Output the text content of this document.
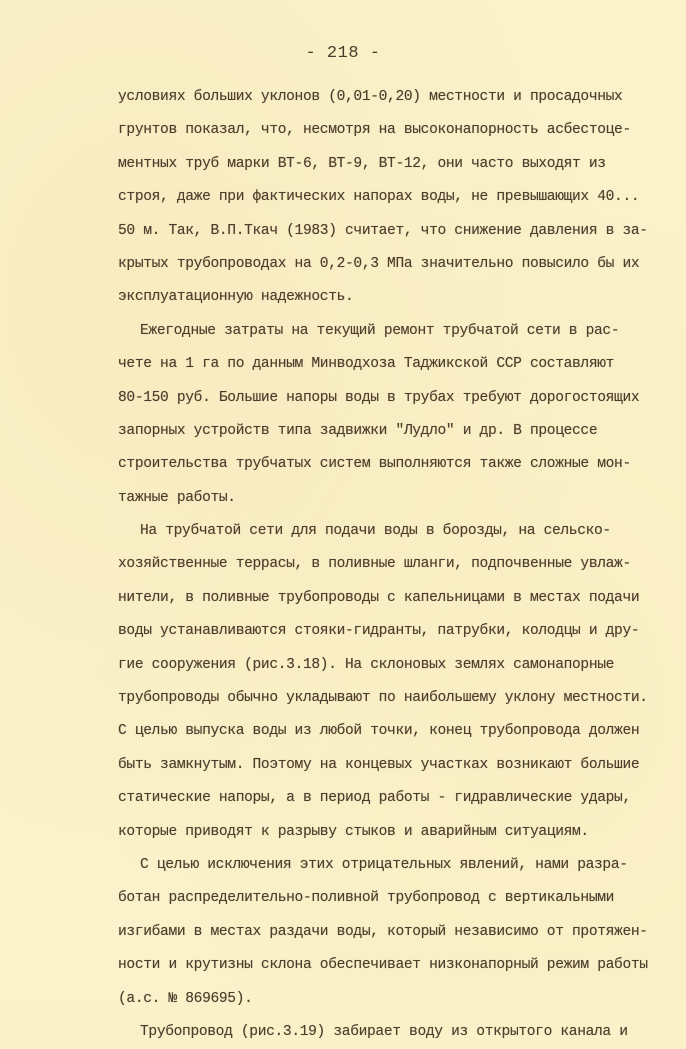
- 218 -
условиях больших уклонов (0,01-0,20) местности и просадочных
грунтов показал, что, несмотря на высоконапорность асбестоце-
ментных труб марки ВТ-6, ВТ-9, ВТ-12, они часто выходят из
строя, даже при фактических напорах воды, не превышающих 40...
50 м. Так, В.П.Ткач (1983) считает, что снижение давления в за-
крытых трубопроводах на 0,2-0,3 МПа значительно повысило бы их
эксплуатационную надежность.
Ежегодные затраты на текущий ремонт трубчатой сети в рас-
чете на 1 га по данным Минводхоза Таджикской ССР составляют
80-150 руб. Большие напоры воды в трубах требуют дорогостоящих
запорных устройств типа задвижки "Лудло" и др. В процессе
строительства трубчатых систем выполняются также сложные мон-
тажные работы.
На трубчатой сети для подачи воды в борозды, на сельско-
хозяйственные террасы, в поливные шланги, подпочвенные увлаж-
нители, в поливные трубопроводы с капельницами в местах подачи
воды устанавливаются стояки-гидранты, патрубки, колодцы и дру-
гие сооружения (рис.3.18). На склоновых землях самонапорные
трубопроводы обычно укладывают по наибольшему уклону местности.
С целью выпуска воды из любой точки, конец трубопровода должен
быть замкнутым. Поэтому на концевых участках возникают большие
статические напоры, а в период работы - гидравлические удары,
которые приводят к разрыву стыков и аварийным ситуациям.
С целью исключения этих отрицательных явлений, нами разра-
ботан распределительно-поливной трубопровод с вертикальными
изгибами в местах раздачи воды, который независимо от протяжен-
ности и крутизны склона обеспечивает низконапорный режим работы
(а.с. № 869695).
Трубопровод (рис.3.19) забирает воду из открытого канала и
